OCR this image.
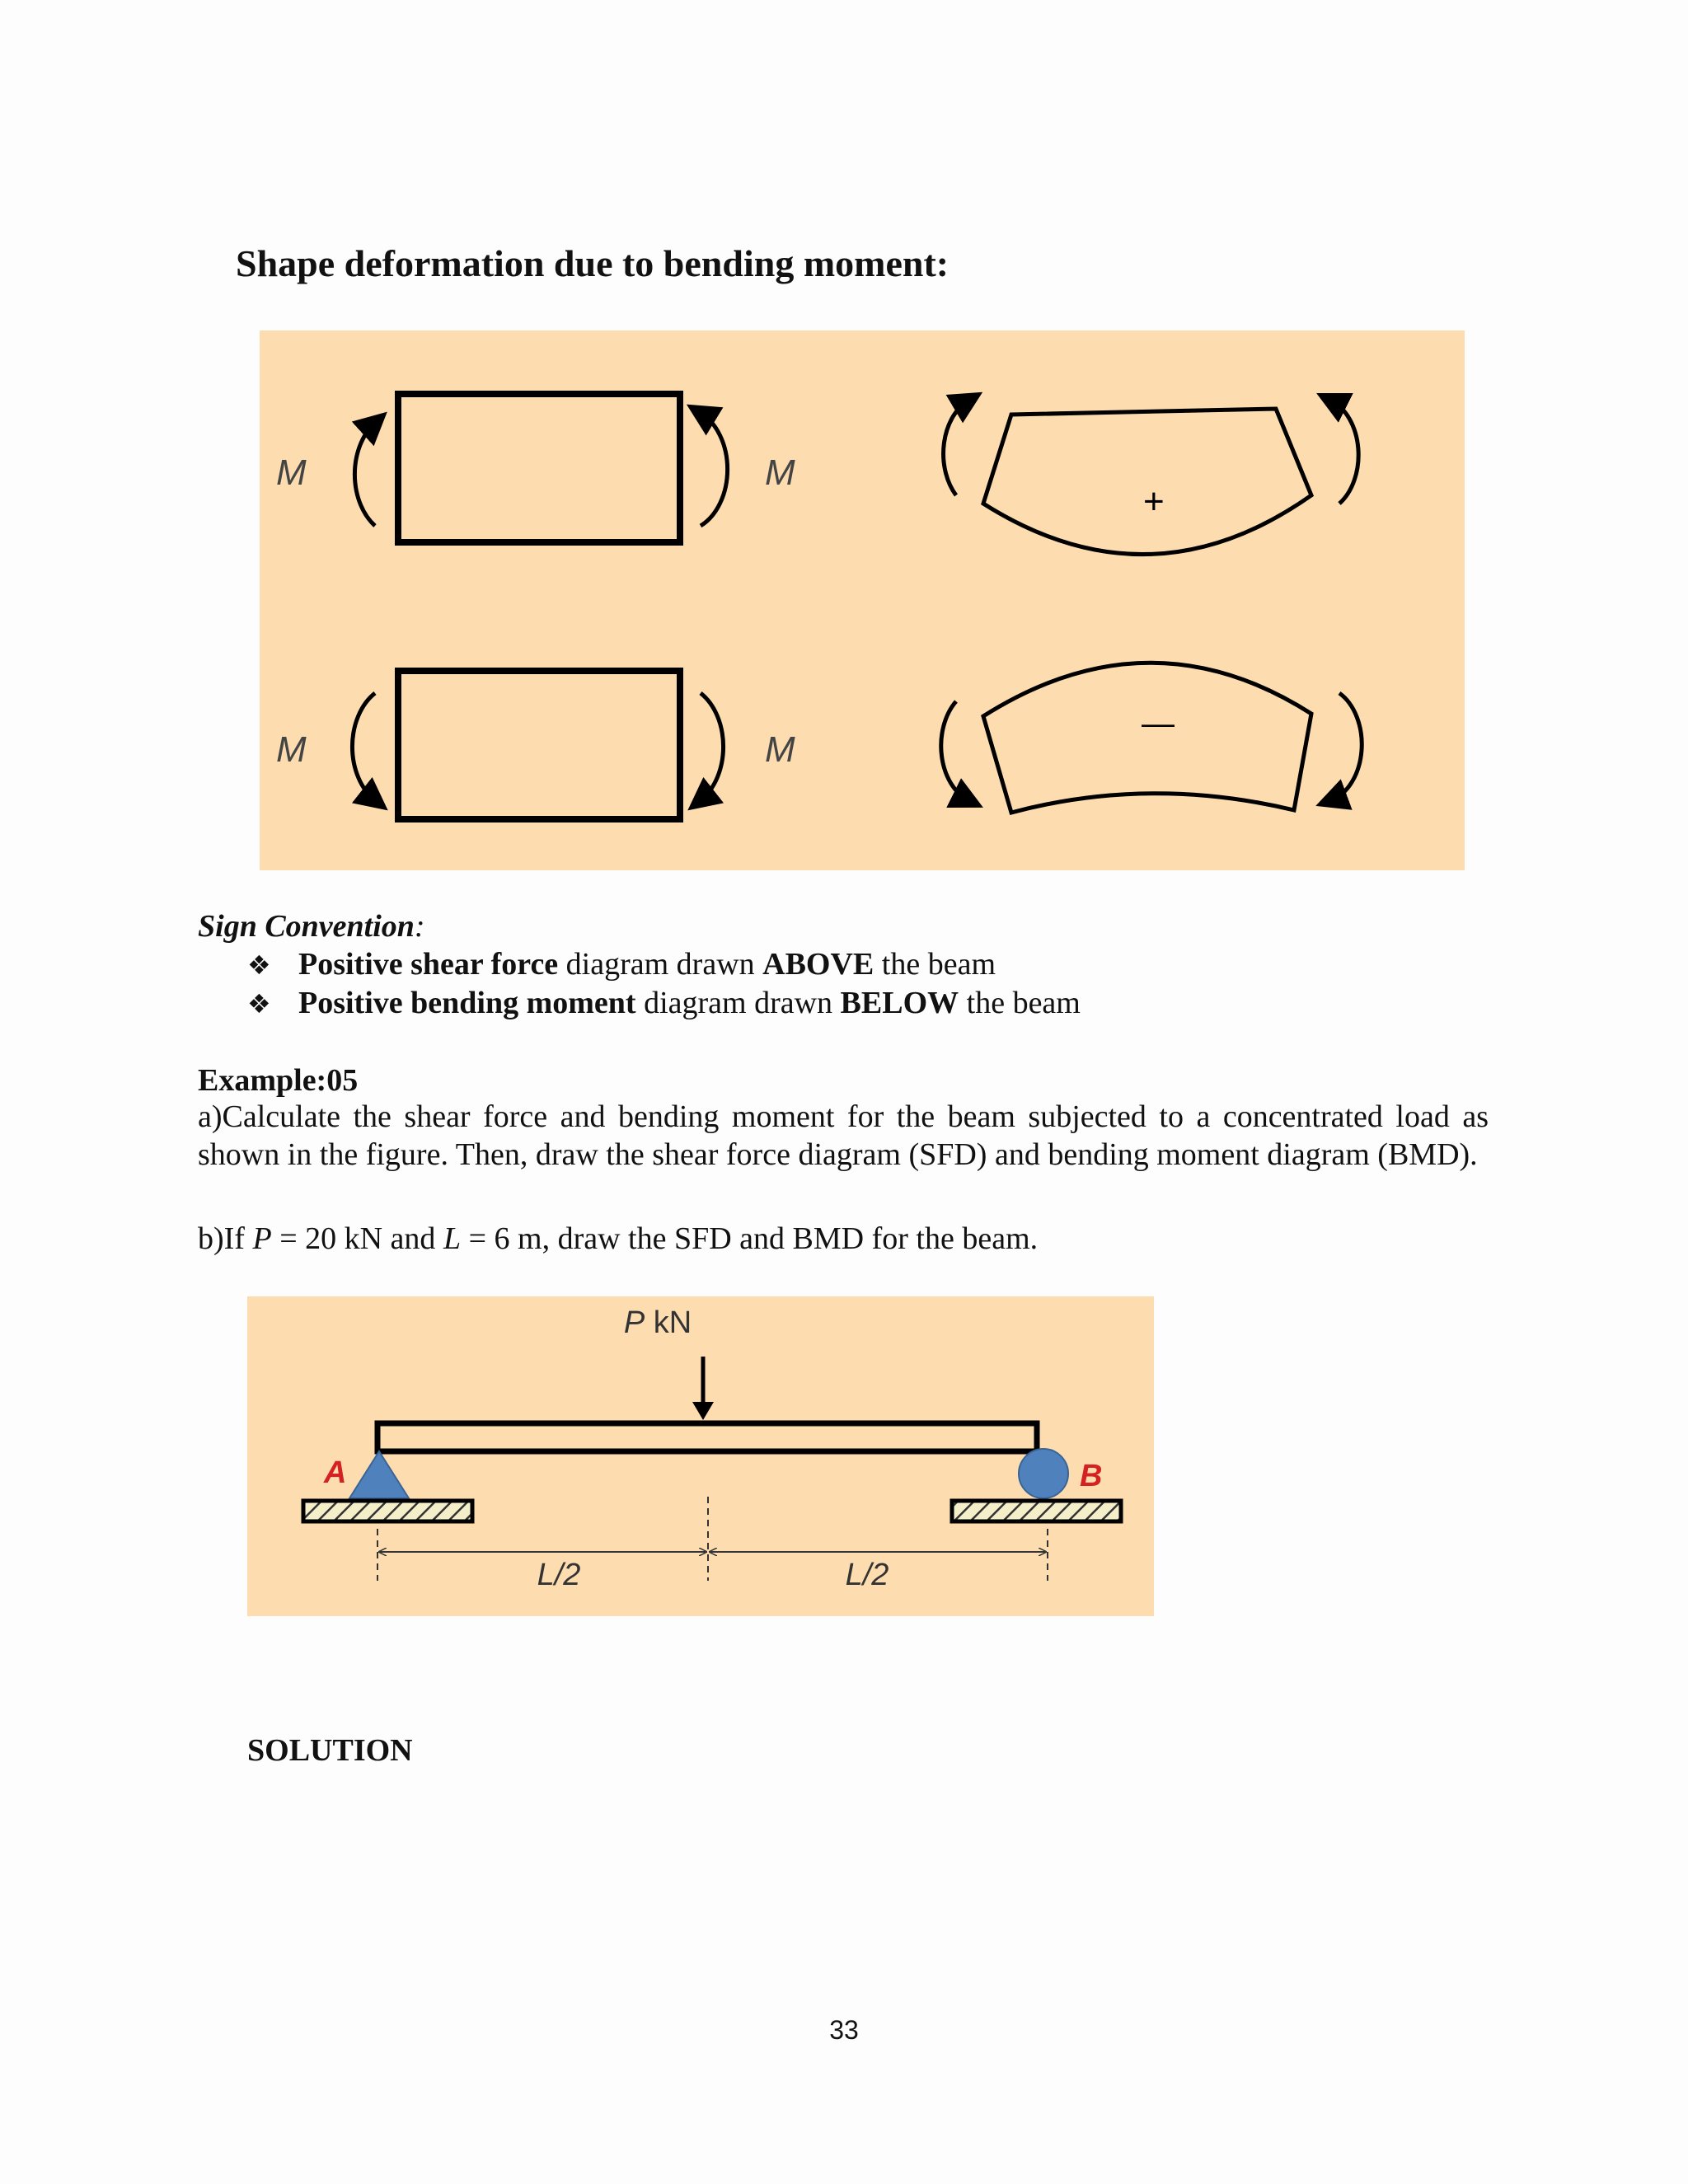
Shape deformation due to bending moment:
M	M
+
M	M
—
Sign Convention:
❖ Positive shear force diagram drawn ABOVE the beam
❖ Positive bending moment diagram drawn BELOW the beam
Example:05
a)Calculate the shear force and bending moment for the beam subjected to a concentrated load as shown in the figure. Then, draw the shear force diagram (SFD) and bending moment diagram (BMD).
b)If P = 20 kN and L = 6 m, draw the SFD and BMD for the beam.
P kN
A	B
L/2	L/2
SOLUTION
33
